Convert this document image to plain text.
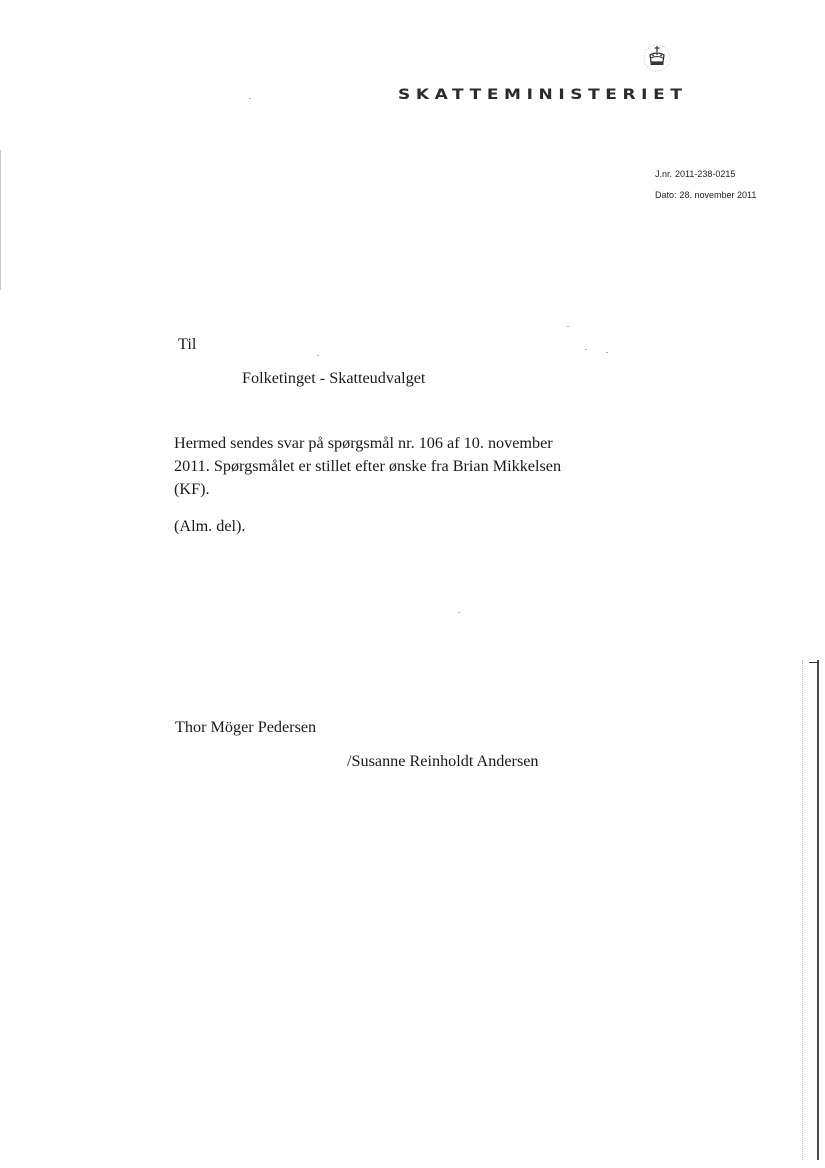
SKATTEMINISTERIET
J.nr. 2011-238-0215
Dato: 28. november 2011
Til
Folketinget - Skatteudvalget
Hermed sendes svar på spørgsmål nr. 106 af 10. november
2011. Spørgsmålet er stillet efter ønske fra Brian Mikkelsen
(KF).
(Alm. del).
Thor Möger Pedersen
/Susanne Reinholdt Andersen
